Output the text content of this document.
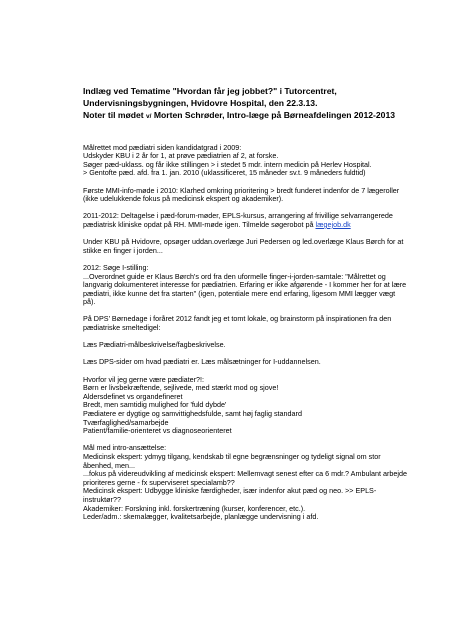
Indlæg ved Tematime "Hvordan får jeg jobbet?" i Tutorcentret,
Undervisningsbygningen, Hvidovre Hospital, den 22.3.13.
Noter til mødet v/ Morten Schrøder, Intro-læge på Børneafdelingen 2012-2013
Målrettet mod pædiatri siden kandidatgrad i 2009:
Udskyder KBU i 2 år for 1, at prøve pædiatrien af 2, at forske.
Søger pæd-uklass. og får ikke stillingen > i stedet 5 mdr. intern medicin på Herlev Hospital.
> Gentofte pæd. afd. fra 1. jan. 2010 (uklassificeret, 15 måneder sv.t. 9 måneders fuldtid)
Første MMI-info-møde i 2010: Klarhed omkring prioritering > bredt funderet indenfor de 7 lægeroller
(ikke udelukkende fokus på medicinsk ekspert og akademiker).
2011-2012: Deltagelse i pæd-forum-møder, EPLS-kursus, arrangering af frivillige selvarrangerede
pædiatrisk kliniske opdat på RH. MMI-møde igen. Tilmelde søgerobot på lægejob.dk
Under KBU på Hvidovre, opsøger uddan.overlæge Juri Pedersen og led.overlæge Klaus Børch for at
stikke en finger i jorden...
2012: Søge I-stilling:
...Overordnet guide er Klaus Børch's ord fra den uformelle finger-i-jorden-samtale: "Målrettet og
langvarig dokumenteret interesse for pædiatrien. Erfaring er ikke afgørende - I kommer her for at lære
pædiatri, ikke kunne det fra starten" (igen, potentiale mere end erfaring, ligesom MMI lægger vægt
på).
På DPS' Børnedage i foråret 2012 fandt jeg et tomt lokale, og brainstorm på inspirationen fra den
pædiatriske smeltedigel:
Læs Pædiatri-målbeskrivelse/fagbeskrivelse.
Læs DPS-sider om hvad pædiatri er. Læs målsætninger for I-uddannelsen.
Hvorfor vil jeg gerne være pædiater?!:
Børn er livsbekræftende, sejlivede, med stærkt mod og sjove!
Aldersdefinet vs organdefineret
Bredt, men samtidig mulighed for 'fuld dybde'
Pædiatere er dygtige og samvittighedsfulde, samt høj faglig standard
Tværfaglighed/samarbejde
Patient/familie-orienteret vs diagnoseorienteret
Mål med intro-ansættelse:
Medicinsk ekspert: ydmyg tilgang, kendskab til egne begrænsninger og tydeligt signal om stor
åbenhed, men...
...fokus på videreudvikling af medicinsk ekspert: Mellemvagt senest efter ca 6 mdr.? Ambulant arbejde
prioriteres gerne - fx superviseret specialamb??
Medicinsk ekspert: Udbygge kliniske færdigheder, især indenfor akut pæd og neo. >> EPLS-
instruktør??
Akademiker: Forskning inkl. forskertræning (kurser, konferencer, etc.).
Leder/adm.: skemalægger, kvalitetsarbejde, planlægge undervisning i afd.
